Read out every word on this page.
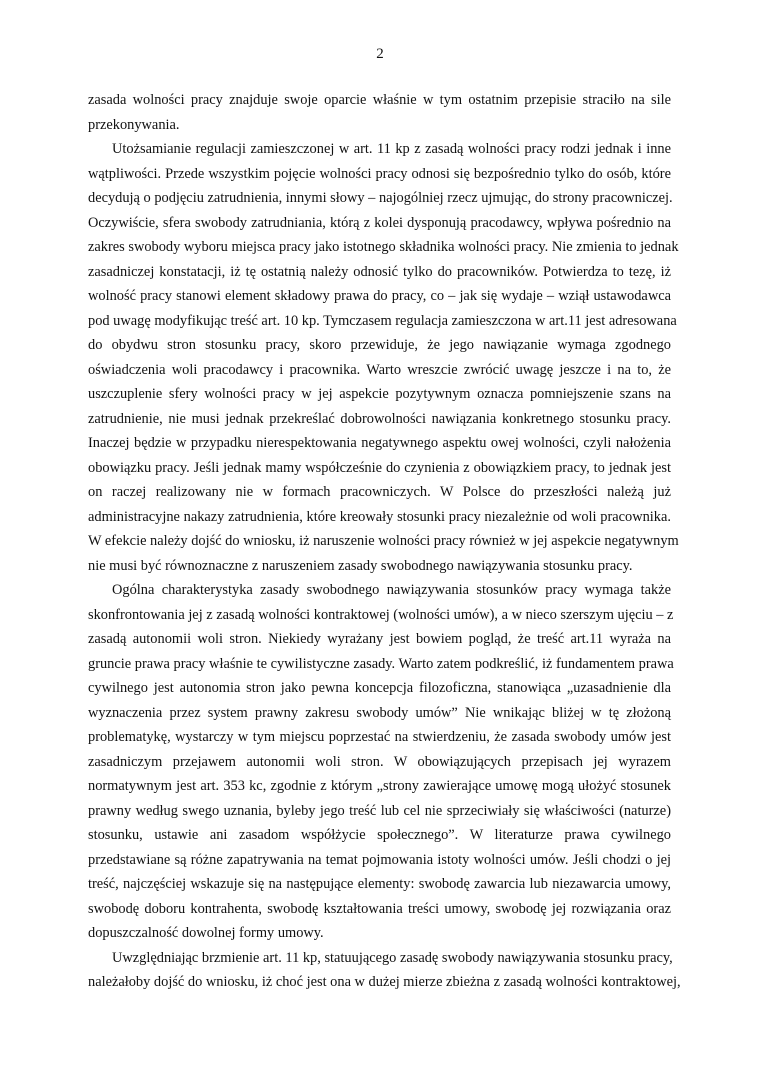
2

zasada wolności pracy znajduje swoje oparcie właśnie w tym ostatnim przepisie straciło na sile
przekonywania.

Utożsamianie regulacji zamieszczonej w art. 11 kp z zasadą wolności pracy rodzi jednak i inne
wątpliwości. Przede wszystkim pojęcie wolności pracy odnosi się bezpośrednio tylko do osób, które
decydują o podjęciu zatrudnienia, innymi słowy – najogólniej rzecz ujmując, do strony pracowniczej.
Oczywiście, sfera swobody zatrudniania, którą z kolei dysponują pracodawcy, wpływa pośrednio na
zakres swobody wyboru miejsca pracy jako istotnego składnika wolności pracy. Nie zmienia to jednak
zasadniczej konstatacji, iż tę ostatnią należy odnosić tylko do pracowników. Potwierdza to tezę, iż
wolność pracy stanowi element składowy prawa do pracy, co – jak się wydaje – wziął ustawodawca
pod uwagę modyfikując treść art. 10 kp. Tymczasem regulacja zamieszczona w art.11 jest adresowana
do obydwu stron stosunku pracy, skoro przewiduje, że jego nawiązanie wymaga zgodnego
oświadczenia woli pracodawcy i pracownika. Warto wreszcie zwrócić uwagę jeszcze i na to, że
uszczuplenie sfery wolności pracy w jej aspekcie pozytywnym oznacza pomniejszenie szans na
zatrudnienie, nie musi jednak przekreślać dobrowolności nawiązania konkretnego stosunku pracy.
Inaczej będzie w przypadku nierespektowania negatywnego aspektu owej wolności, czyli nałożenia
obowiązku pracy. Jeśli jednak mamy współcześnie do czynienia z obowiązkiem pracy, to jednak jest
on raczej realizowany nie w formach pracowniczych. W Polsce do przeszłości należą już
administracyjne nakazy zatrudnienia, które kreowały stosunki pracy niezależnie od woli pracownika.
W efekcie należy dojść do wniosku, iż naruszenie wolności pracy również w jej aspekcie negatywnym
nie musi być równoznaczne z naruszeniem zasady swobodnego nawiązywania stosunku pracy.

Ogólna charakterystyka zasady swobodnego nawiązywania stosunków pracy wymaga także
skonfrontowania jej z zasadą wolności kontraktowej (wolności umów), a w nieco szerszym ujęciu – z
zasadą autonomii woli stron. Niekiedy wyrażany jest bowiem pogląd, że treść art.11 wyraża na
gruncie prawa pracy właśnie te cywilistyczne zasady. Warto zatem podkreślić, iż fundamentem prawa
cywilnego jest autonomia stron jako pewna koncepcja filozoficzna, stanowiąca „uzasadnienie dla
wyznaczenia przez system prawny zakresu swobody umów” Nie wnikając bliżej w tę złożoną
problematykę, wystarczy w tym miejscu poprzestać na stwierdzeniu, że zasada swobody umów jest
zasadniczym przejawem autonomii woli stron. W obowiązujących przepisach jej wyrazem
normatywnym jest art. 353 kc, zgodnie z którym „strony zawierające umowę mogą ułożyć stosunek
prawny według swego uznania, byleby jego treść lub cel nie sprzeciwiały się właściwości (naturze)
stosunku, ustawie ani zasadom współżycie społecznego”. W literaturze prawa cywilnego
przedstawiane są różne zapatrywania na temat pojmowania istoty wolności umów. Jeśli chodzi o jej
treść, najczęściej wskazuje się na następujące elementy: swobodę zawarcia lub niezawarcia umowy,
swobodę doboru kontrahenta, swobodę kształtowania treści umowy, swobodę jej rozwiązania oraz
dopuszczalność dowolnej formy umowy.

Uwzględniając brzmienie art. 11 kp, statuującego zasadę swobody nawiązywania stosunku pracy,
należałoby dojść do wniosku, iż choć jest ona w dużej mierze zbieżna z zasadą wolności kontraktowej,
